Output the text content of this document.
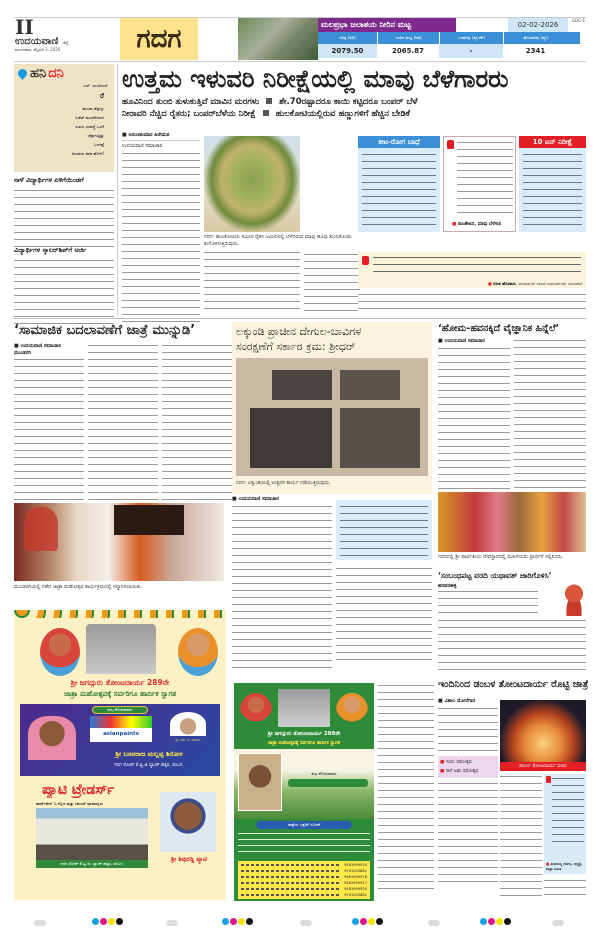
II
ಉದಯವಾಣಿ ಜಿಲ್ಲೆ
ಮಂಗಳವಾರ, ಫೆಬ್ರವರಿ 3, 2026	ಗದಗ	ಮಲಪ್ರಭಾ ಜಲಾಶಯ ನೀರಿನ ಮಟ್ಟ	02-02-2026
ಗರಿಷ್ಠ (ಅಡಿ)	ಇಂದಿನ ಮಟ್ಟ (ಅಡಿ)	ಒಳಹರಿವು (ಕ್ಯೂಸೆಕ್)	ಹೊರಹರಿವು (ಕ್ಯೂ)
2079.50	2065.87	-	2341
GDG E
ಹನಿ ದನಿ
ಎಚ್. ಡುಂಡಿರಾಜ್
ರೆ
ಹುಂಜಾ ಚೆಸ್ಟಾಗ್ತು
ಬಜೆಟ್ ಮಂಡನೆಯಾಗ
ಸುಖದ ಭರವಸ್ಥೆ ಒಂದೆ
ಚೆಸ್ಟಾಗುತ್ತಿತ್ತು
ಒಂದಷ್ಟೆ
ಅಯಾಯ ಕರಡ ಹೋಗೆ!
ನಾಳೆ ವಿದ್ಯಾರ್ಥಿಗಳ ಏಳಿಗೆಯಿಂಡಗೆ
ವಿದ್ಯಾರ್ಥಿಗಳ ಸ್ಕಾಲರ್‌ಶಿಪ್‌ಗೆ ಅರ್ಜಿ
ಉತ್ತಮ ಇಳುವರಿ ನಿರೀಕ್ಷೆಯಲ್ಲಿ ಮಾವು ಬೆಳೆಗಾರರು
ಹೂವಿನಿಂದ ತುಂಬಿ ತುಳುಕುತ್ತಿವೆ ಮಾವಿನ ಮರಗಳು ಶೇ.70ರಷ್ಟಾದರೂ ಕಾಯಿ ಕಟ್ಟಿದರೂ ಬಂಪರ್ ಬೆಳೆ
ನೀರಾವರಿ ನೆಚ್ಚಿದ ರೈತರು; ಬಂಪರ್‌ಬೆಳೆಯ ನಿರೀಕ್ಷೆ ಹುಲಕೋಟಿಯಲ್ಲಿರುವ ಹಣ್ಣುಗಳಿಗೆ ಹೆಚ್ಚಿನ ಬೇಡಿಕೆ
■ ಅರುಣಕುಮಾರ ಹಿರೇಮಠ
ಉದಯವಾಣಿ ಸಮಾಚಾರ
ಗದಗ: ಹುಲಕೋಟಿಯ ಸಮೀಪ ರೈತರ ಜಮೀನಿನಲ್ಲಿ ಬೆಳೆದಿರುವ ಮಾವು ಹೂವು ತುಂಬಿಕೊಂಡು ಕಂಗೊಳಿಸುತ್ತಿರುವುದು.
ಕೀಟ-ರೋಗ ಬಾಧೆ
■ ರಾಜಶೇಖರ, ಮಾವು ಬೆಳೆಗಾರ
10 ಟನ್ ನಿರೀಕ್ಷೆ
■ ಗಿರೀಶ ಹೊಸಮನಿ, ತೋಟಗಾರಿಕೆ ಇಲಾಖೆ ಉಪನಿರ್ದೇಶಕ, ಹೊಸಪೇಟೆ
‘ಸಾಮಾಜಿಕ ಬದಲಾವಣೆಗೆ ಜಾತ್ರೆ ಮುನ್ನುಡಿ’
■ ಉದಯವಾಣಿ ಸಮಾಚಾರ
ಮುಂಡರಗಿ
ಮುಂಡರಗಿಯಲ್ಲಿ ನಡೆದ ಜಾತ್ರಾ ಮಹೋತ್ಸವ ಕಾರ್ಯಕ್ರಮದಲ್ಲಿ ಸನ್ಮಾನಿಸಲಾಯಿತು.
ಲಕ್ಕುಂಡಿ ಪ್ರಾಚೀನ ದೇಗುಲ-ಬಾವಿಗಳ
ಸಂರಕ್ಷಣೆಗೆ ಸರ್ಕಾರ ಕ್ರಮ: ಶ್ರೀಧರ್
ಗದಗ: ಲಕ್ಕುಂಡಿಯಲ್ಲಿ ಉತ್ಖನನ ಕಾರ್ಯ ನಡೆಯುತ್ತಿರುವುದು.
■ ಉದಯವಾಣಿ ಸಮಾಚಾರ
‘ಹೋಮ-ಹವನಕ್ಕಿದೆ ವೈಜ್ಞಾನಿಕ ಹಿನ್ನೆಲೆ’
■ ಉದಯವಾಣಿ ಸಮಾಚಾರ
ಗದಗದಲ್ಲಿ ಶ್ರೀ ಪಾರ್ವತೀಯ ದೇವಸ್ಥಾನದಲ್ಲಿ ಮಹಿಳೆಯರು ಪ್ರಾರ್ಥನೆ ಸಲ್ಲಿಸಿದರು.
‘ಸಂಬಂಧಪಟ್ಟ ವರದಿ ಯಥಾವತ್ ಜಾರಿಗೊಳಿಸಿ’
ಹರಪನಹಳ್ಳಿ
ಇಂದಿನಿಂದ ಡಂಬಳ ತೋಂಟದಾರ್ಯ ರೊಟ್ಟಿ ಜಾತ್ರೆ
■ ವಿಶಾಲ ಮೋರೆಗಾರ
■ ಇಂದು ರಥೋತ್ಸವ
■ ನಾಳೆ ಲಘು ರಥೋತ್ಸವ
ಡಂಬಳ: ತೋಂಟದಾರ್ಯ ಮಠದ
■ ಪೀಠದಯ್ಯ ಗದಗಿನ, ಅಧ್ಯಕ್ಷ, ಜಾತ್ರಾ ಸಮಿತಿ
ಶ್ರೀ ಜಗದ್ಗುರು ತೋಂಟದಾರ್ಯ 289ನೇ
ಜಾತ್ರಾ ಮಹೋತ್ಸವಕ್ಕೆ ಸರ್ವರಿಗೂ ಹಾರ್ದಿಕ ಸ್ವಾಗತ
ಶುಭ ಕೋರುವವರು
asianpaints
ಶ್ರೀ ಎಚ್. ಕೆ. ಪಾಟೀಲ
ಶ್ರೀ ಬಸವರಾಜ ಮಲ್ಲಪ್ಪ ಶಿರೋಳ
ಗದಗ ರೋಡ್ ಕೆ.ವ್ಹಿ.ಜಿ ಬ್ಯಾಂಕ್ ಹತ್ತಿರ, ಡಂಬಳ.
ಪ್ಯಾಟಿ ಟ್ರೇಡರ್ಸ್
ಹಾರ್ಡ್‌ವೇರ್ & ಕಬ್ಬಿಣ ಮತ್ತು ಸಿಮೆಂಟ್ ವ್ಯಾಪಾರಸ್ಥರು
ಗದಗ ರೋಡ್ ಕೆ.ವ್ಹಿ.ಜಿ. ಬ್ಯಾಂಕ್ ಹತ್ತಿರ, ಡಂಬಳ.
ಶ್ರೀ ಶಿವುರಡ್ಡಿ ಪ್ಯಾಟಿ
ಶ್ರೀ ಜಗದ್ಗುರು ತೋಂಟದಾರ್ಯ 289ನೇ
ಜಾತ್ರಾ ಮಹೋತ್ಸವಕ್ಕೆ ಸರ್ವರಿಗೂ ಹಾರ್ದಿಕ ಸ್ವಾಗತ
ಶುಭ ಕೋರುವವರು
ಜಾತ್ರೆಯ ಭಕ್ತರಿಗೆ ಸೂಚನೆ
9481999924
9741000881
9481999918
9481999917
9481999920
9741000881
